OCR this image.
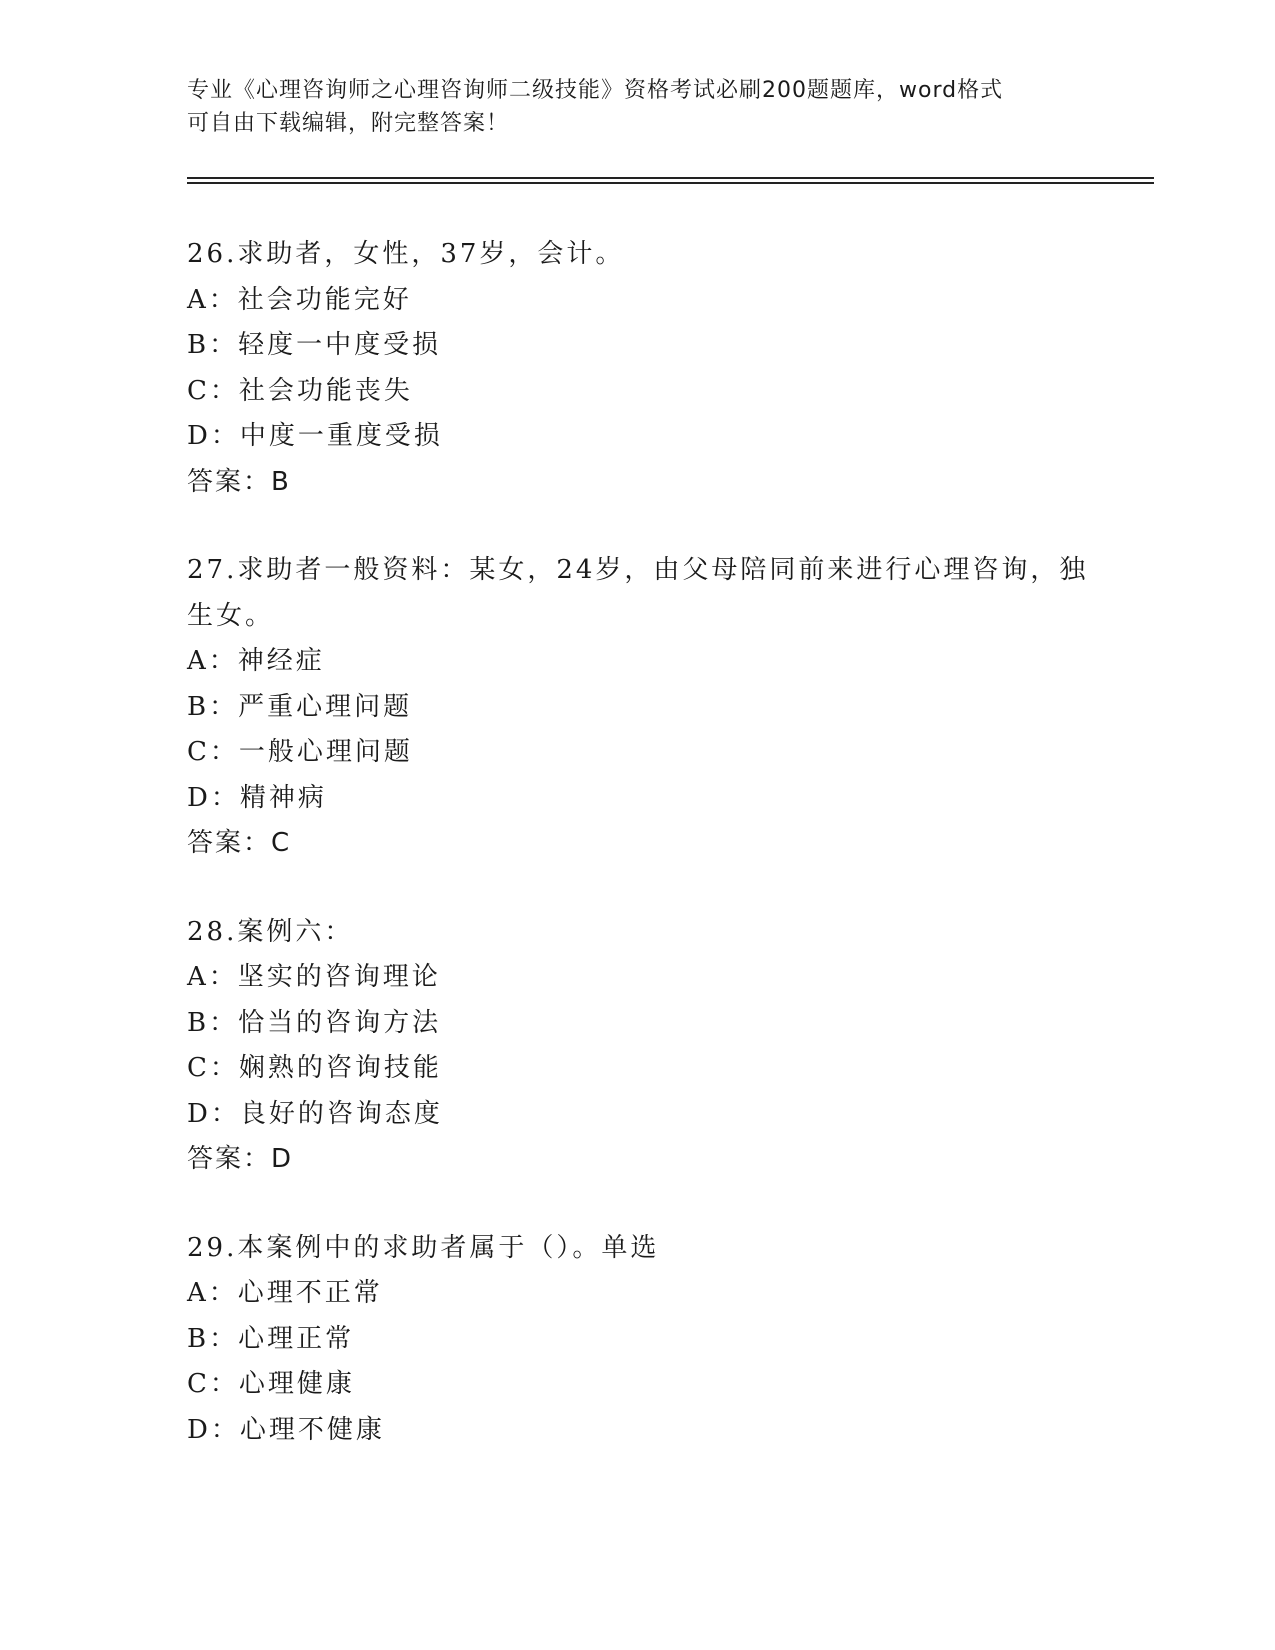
专业《心理咨询师之心理咨询师二级技能》资格考试必刷200题题库，word格式
可自由下载编辑，附完整答案！
26.求助者，女性，37岁，会计。
A：社会功能完好
B：轻度一中度受损
C：社会功能丧失
D：中度一重度受损
答案：B
27.求助者一般资料：某女，24岁，由父母陪同前来进行心理咨询，独
生女。
A：神经症
B：严重心理问题
C：一般心理问题
D：精神病
答案：C
28.案例六：
A：坚实的咨询理论
B：恰当的咨询方法
C：娴熟的咨询技能
D：良好的咨询态度
答案：D
29.本案例中的求助者属于（）。单选
A：心理不正常
B：心理正常
C：心理健康
D：心理不健康
